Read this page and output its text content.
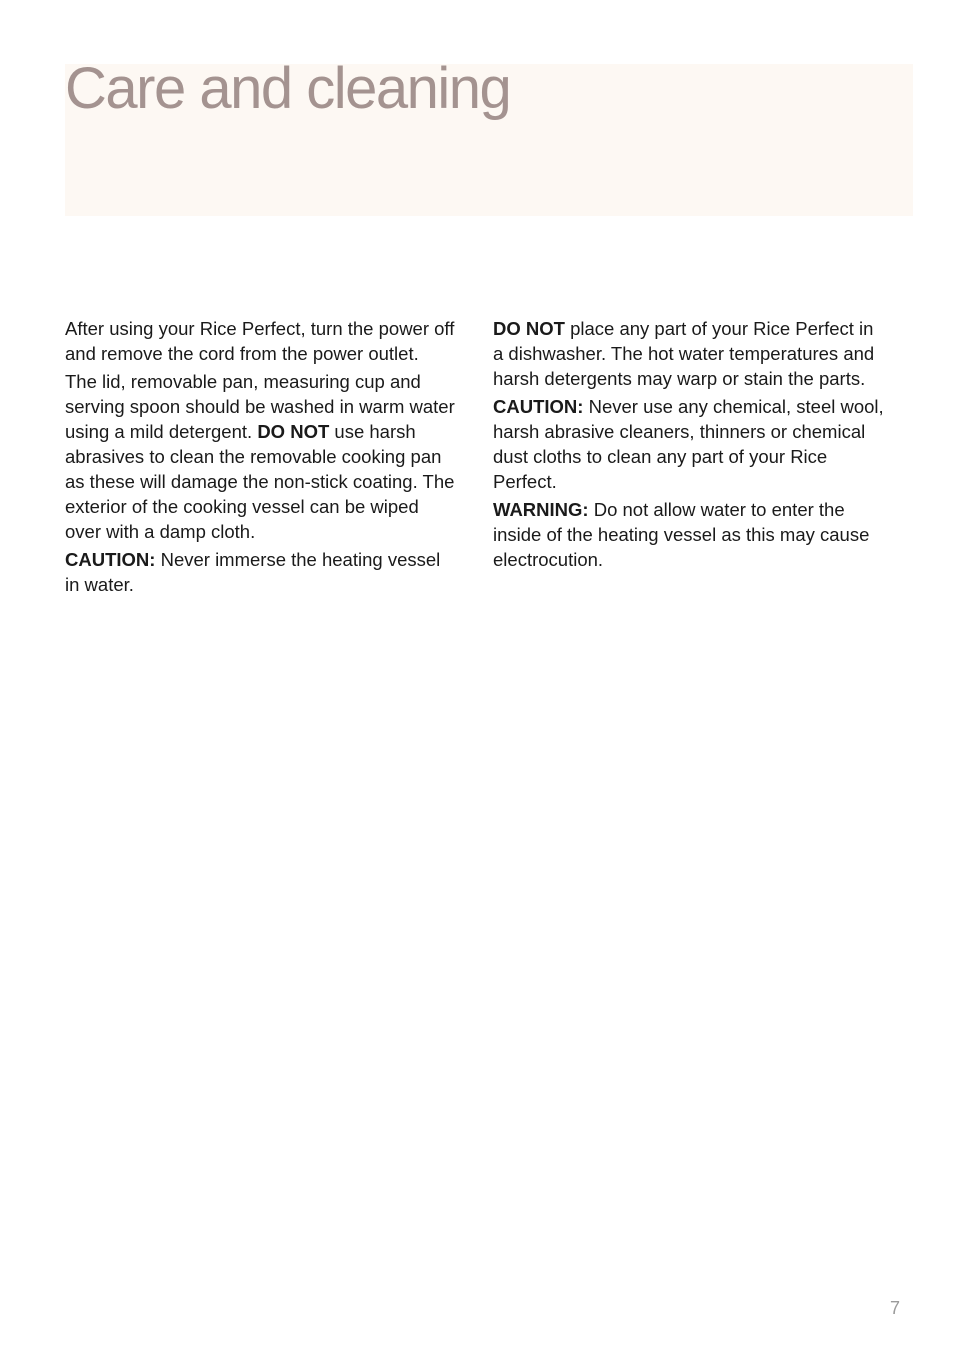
Care and cleaning

After using your Rice Perfect, turn the power off and remove the cord from the power outlet.

The lid, removable pan, measuring cup and serving spoon should be washed in warm water using a mild detergent. DO NOT use harsh abrasives to clean the removable cooking pan as these will damage the non-stick coating. The exterior of the cooking vessel can be wiped over with a damp cloth.

CAUTION: Never immerse the heating vessel in water.

DO NOT place any part of your Rice Perfect in a dishwasher. The hot water temperatures and harsh detergents may warp or stain the parts.

CAUTION: Never use any chemical, steel wool, harsh abrasive cleaners, thinners or chemical dust cloths to clean any part of your Rice Perfect.

WARNING: Do not allow water to enter the inside of the heating vessel as this may cause electrocution.

7
